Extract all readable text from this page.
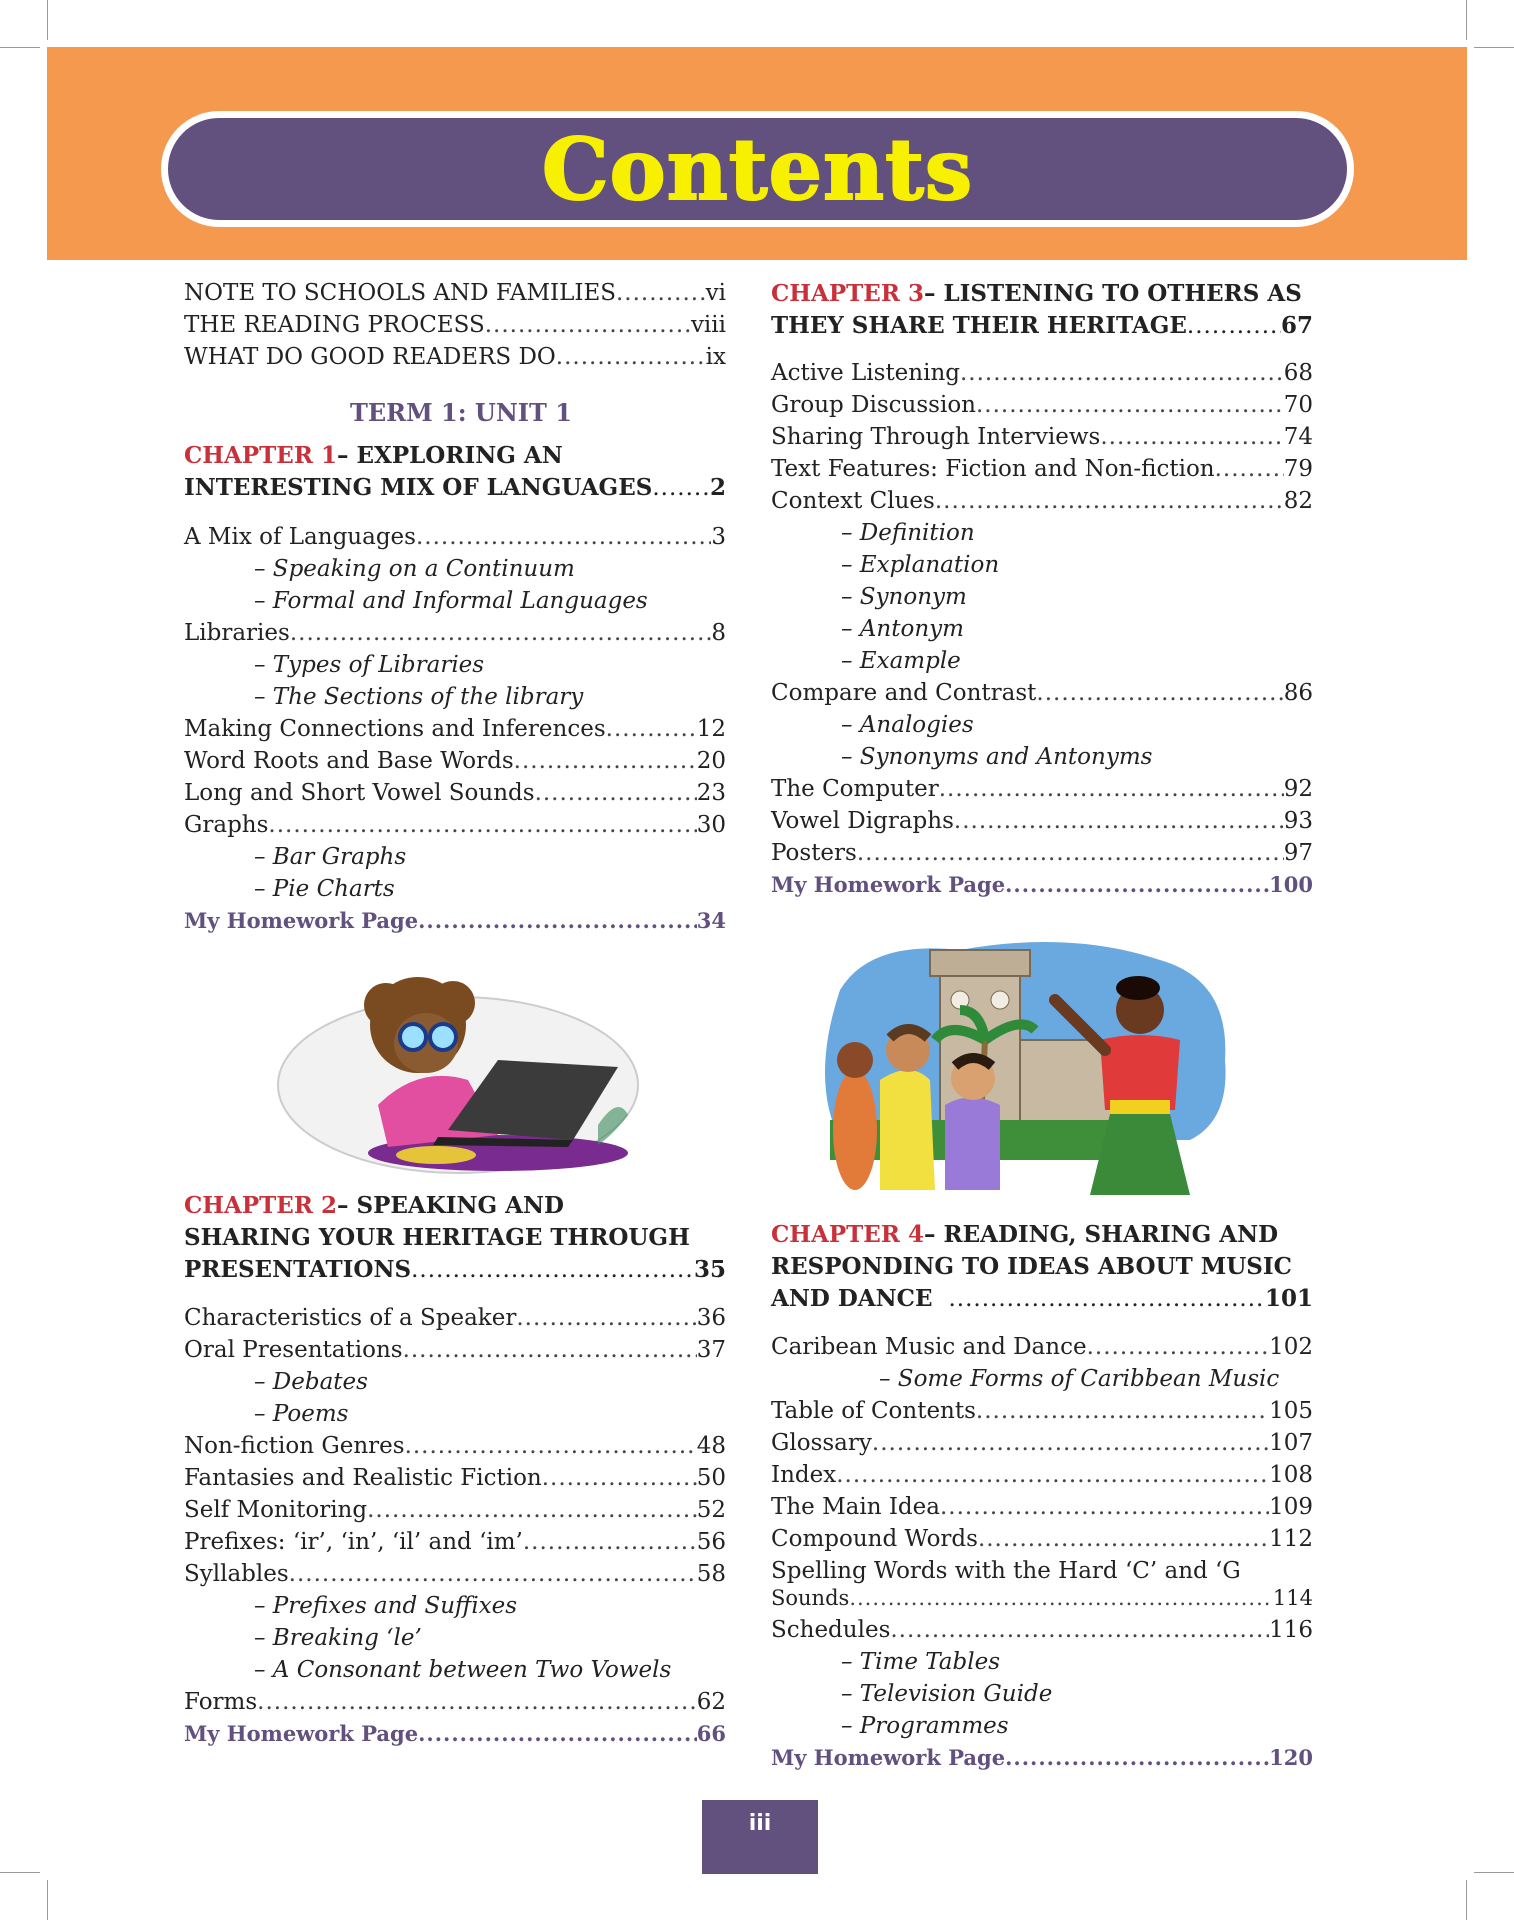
Contents
NOTE TO SCHOOLS AND FAMILIES .....	vi
THE READING PROCESS .....	viii
WHAT DO GOOD READERS DO .....	ix
TERM 1: UNIT 1
CHAPTER 1 – EXPLORING AN
INTERESTING MIX OF LANGUAGES .....	2
A Mix of Languages .....	3
– Speaking on a Continuum
– Formal and Informal Languages
Libraries .....	8
– Types of Libraries
– The Sections of the library
Making Connections and Inferences .....	12
Word Roots and Base Words .....	20
Long and Short Vowel Sounds .....	23
Graphs .....	30
– Bar Graphs
– Pie Charts
My Homework Page .....	34
CHAPTER 2 – SPEAKING AND
SHARING YOUR HERITAGE THROUGH
PRESENTATIONS .....	35
Characteristics of a Speaker .....	36
Oral Presentations .....	37
– Debates
– Poems
Non-fiction Genres .....	48
Fantasies and Realistic Fiction .....	50
Self Monitoring .....	52
Prefixes: ‘ir’, ‘in’, ‘il’ and ‘im’ .....	56
Syllables .....	58
– Prefixes and Suffixes
– Breaking ‘le’
– A Consonant between Two Vowels
Forms .....	62
My Homework Page .....	66
CHAPTER 3 – LISTENING TO OTHERS AS
THEY SHARE THEIR HERITAGE .....	67
Active Listening .....	68
Group Discussion .....	70
Sharing Through Interviews .....	74
Text Features: Fiction and Non-fiction .....	79
Context Clues .....	82
– Definition
– Explanation
– Synonym
– Antonym
– Example
Compare and Contrast .....	86
– Analogies
– Synonyms and Antonyms
The Computer .....	92
Vowel Digraphs .....	93
Posters .....	97
My Homework Page .....	100
CHAPTER 4 – READING, SHARING AND
RESPONDING TO IDEAS ABOUT MUSIC
AND DANCE .....	101
Caribean Music and Dance .....	102
– Some Forms of Caribbean Music
Table of Contents .....	105
Glossary .....	107
Index .....	108
The Main Idea .....	109
Compound Words .....	112
Spelling Words with the Hard ‘C’ and ‘G
Sounds .....	114
Schedules .....	116
– Time Tables
– Television Guide
– Programmes
My Homework Page .....	120
iii
